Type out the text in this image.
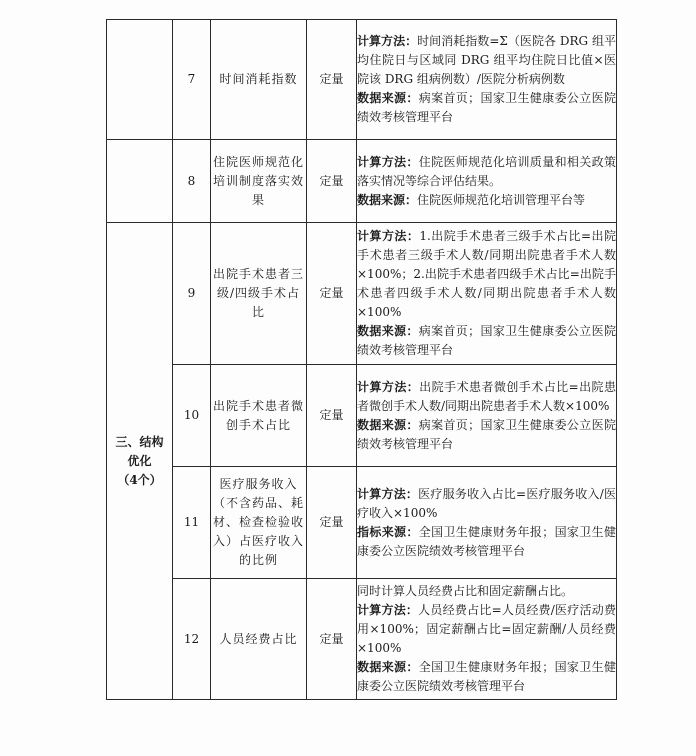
	7	时间消耗指数	定量	计算方法：时间消耗指数=Σ（医院各 DRG 组平均住院日与区域同 DRG 组平均住院日比值×医院该 DRG 组病例数）/医院分析病例数
数据来源：病案首页；国家卫生健康委公立医院绩效考核管理平台

	8	住院医师规范化培训制度落实效果	定量	计算方法：住院医师规范化培训质量和相关政策落实情况等综合评估结果。
数据来源：住院医师规范化培训管理平台等

三、结构
优化
（4个）	9	出院手术患者三级/四级手术占比	定量	计算方法：1.出院手术患者三级手术占比=出院手术患者三级手术人数/同期出院患者手术人数×100%；2.出院手术患者四级手术占比=出院手术患者四级手术人数/同期出院患者手术人数×100%
数据来源：病案首页；国家卫生健康委公立医院绩效考核管理平台

	10	出院手术患者微创手术占比	定量	计算方法：出院手术患者微创手术占比=出院患者微创手术人数/同期出院患者手术人数×100%
数据来源：病案首页；国家卫生健康委公立医院绩效考核管理平台

	11	医疗服务收入（不含药品、耗材、检查检验收入）占医疗收入的比例	定量	计算方法：医疗服务收入占比=医疗服务收入/医疗收入×100%
指标来源：全国卫生健康财务年报；国家卫生健康委公立医院绩效考核管理平台

	12	人员经费占比	定量	同时计算人员经费占比和固定薪酬占比。
计算方法：人员经费占比=人员经费/医疗活动费用×100%；固定薪酬占比=固定薪酬/人员经费×100%
数据来源：全国卫生健康财务年报；国家卫生健康委公立医院绩效考核管理平台
